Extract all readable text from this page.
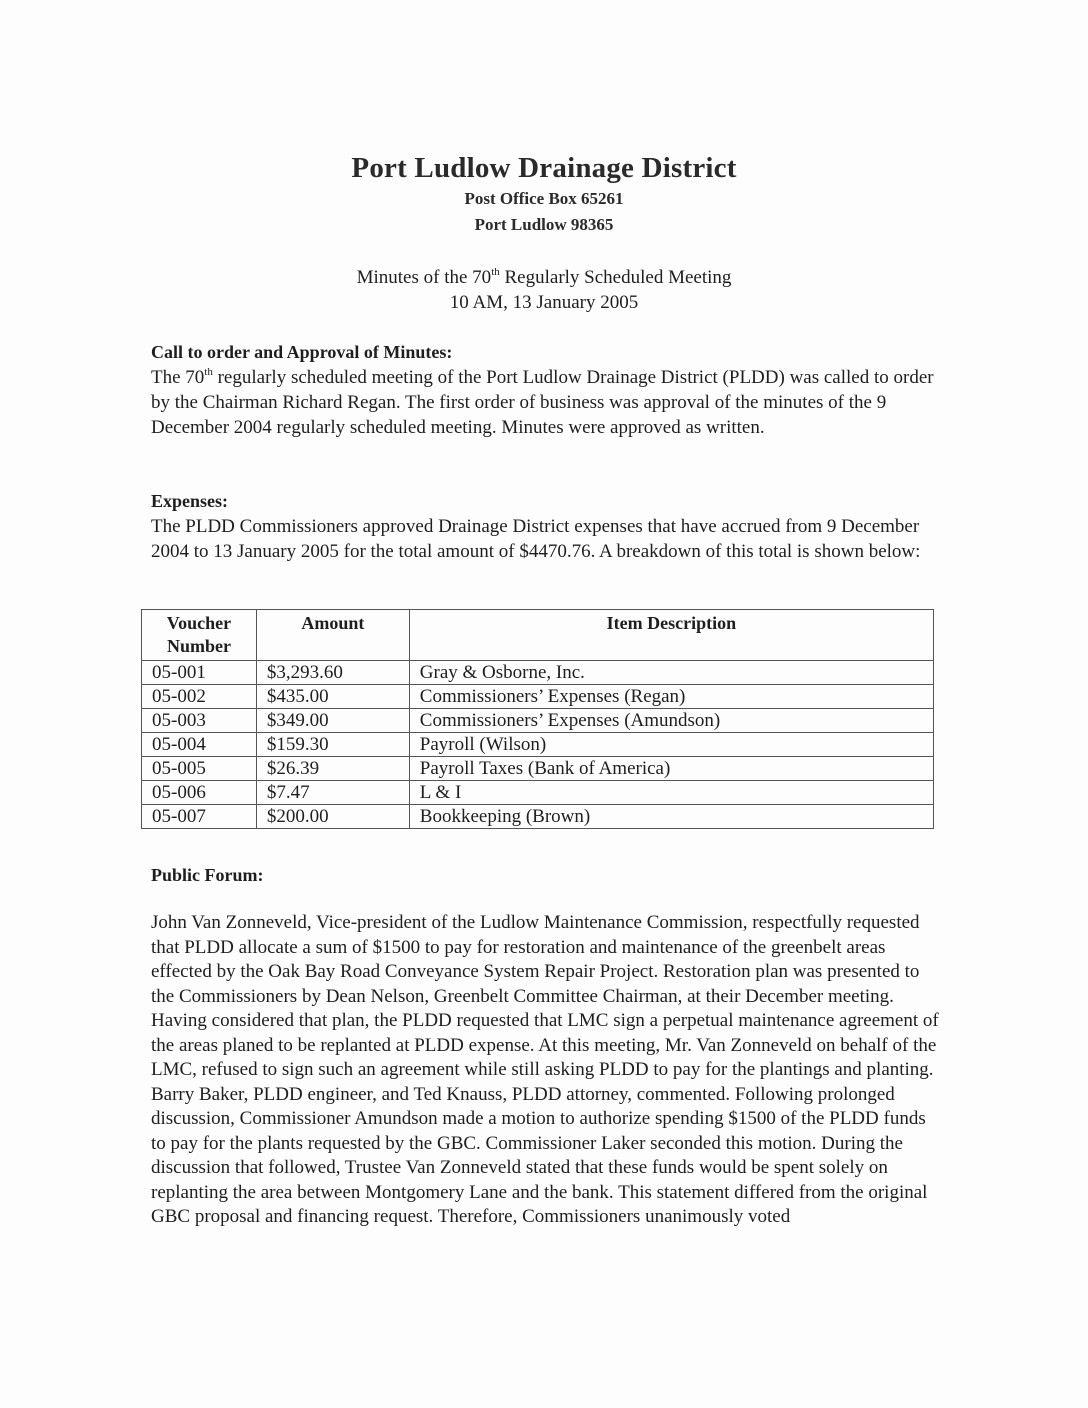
Port Ludlow Drainage District
Post Office Box 65261
Port Ludlow 98365
Minutes of the 70th Regularly Scheduled Meeting
10 AM, 13 January 2005

Call to order and Approval of Minutes:

The 70th regularly scheduled meeting of the Port Ludlow Drainage District (PLDD) was called to order by the Chairman Richard Regan. The first order of business was approval of the minutes of the 9 December 2004 regularly scheduled meeting. Minutes were approved as written.

Expenses:

The PLDD Commissioners approved Drainage District expenses that have accrued from 9 December 2004 to 13 January 2005 for the total amount of $4470.76. A breakdown of this total is shown below:

Voucher Number	Amount	Item Description
05-001	$3,293.60	Gray & Osborne, Inc.
05-002	$435.00	Commissioners’ Expenses (Regan)
05-003	$349.00	Commissioners’ Expenses (Amundson)
05-004	$159.30	Payroll (Wilson)
05-005	$26.39	Payroll Taxes (Bank of America)
05-006	$7.47	L & I
05-007	$200.00	Bookkeeping (Brown)

Public Forum:

John Van Zonneveld, Vice-president of the Ludlow Maintenance Commission, respectfully requested that PLDD allocate a sum of $1500 to pay for restoration and maintenance of the greenbelt areas effected by the Oak Bay Road Conveyance System Repair Project. Restoration plan was presented to the Commissioners by Dean Nelson, Greenbelt Committee Chairman, at their December meeting. Having considered that plan, the PLDD requested that LMC sign a perpetual maintenance agreement of the areas planed to be replanted at PLDD expense. At this meeting, Mr. Van Zonneveld on behalf of the LMC, refused to sign such an agreement while still asking PLDD to pay for the plantings and planting. Barry Baker, PLDD engineer, and Ted Knauss, PLDD attorney, commented. Following prolonged discussion, Commissioner Amundson made a motion to authorize spending $1500 of the PLDD funds to pay for the plants requested by the GBC. Commissioner Laker seconded this motion. During the discussion that followed, Trustee Van Zonneveld stated that these funds would be spent solely on replanting the area between Montgomery Lane and the bank. This statement differed from the original GBC proposal and financing request. Therefore, Commissioners unanimously voted
